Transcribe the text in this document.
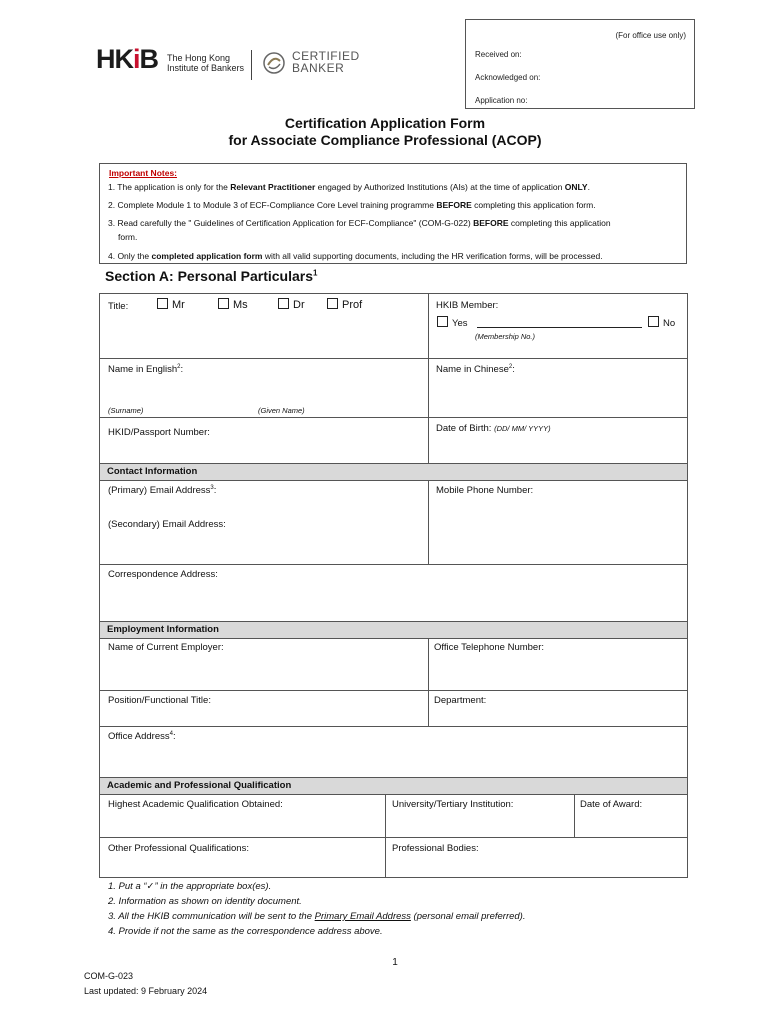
HKiB The Hong Kong
Institute of Bankers
CERTIFIED
BANKER
(For office use only)
Received on:
Acknowledged on:
Application no:
Certification Application Form
for Associate Compliance Professional (ACOP)
Important Notes:
1. The application is only for the Relevant Practitioner engaged by Authorized Institutions (AIs) at the time of application ONLY.
2. Complete Module 1 to Module 3 of ECF-Compliance Core Level training programme BEFORE completing this application form.
3. Read carefully the " Guidelines of Certification Application for ECF-Compliance" (COM-G-022) BEFORE completing this application
form.
4. Only the completed application form with all valid supporting documents, including the HR verification forms, will be processed.
Section A: Personal Particulars$^1$
Title:	Mr	Ms	Dr	Prof	HKIB Member:
Yes	No
(Membership No.)
Name in English$^2$:	Name in Chinese$^2$:
(Surname)	(Given Name)
HKID/Passport Number:	Date of Birth: (DD/ MM/ YYYY)
Contact Information
(Primary) Email Address$^3$:	Mobile Phone Number:
(Secondary) Email Address:
Correspondence Address:
Employment Information
Name of Current Employer:	Office Telephone Number:
Position/Functional Title:	Department:
Office Address$^4$:
Academic and Professional Qualification
Highest Academic Qualification Obtained:	University/Tertiary Institution:	Date of Award:
Other Professional Qualifications:	Professional Bodies:
1. Put a “✓” in the appropriate box(es).
2. Information as shown on identity document.
3. All the HKIB communication will be sent to the Primary Email Address (personal email preferred).
4. Provide if not the same as the correspondence address above.
1
COM-G-023
Last updated: 9 February 2024
